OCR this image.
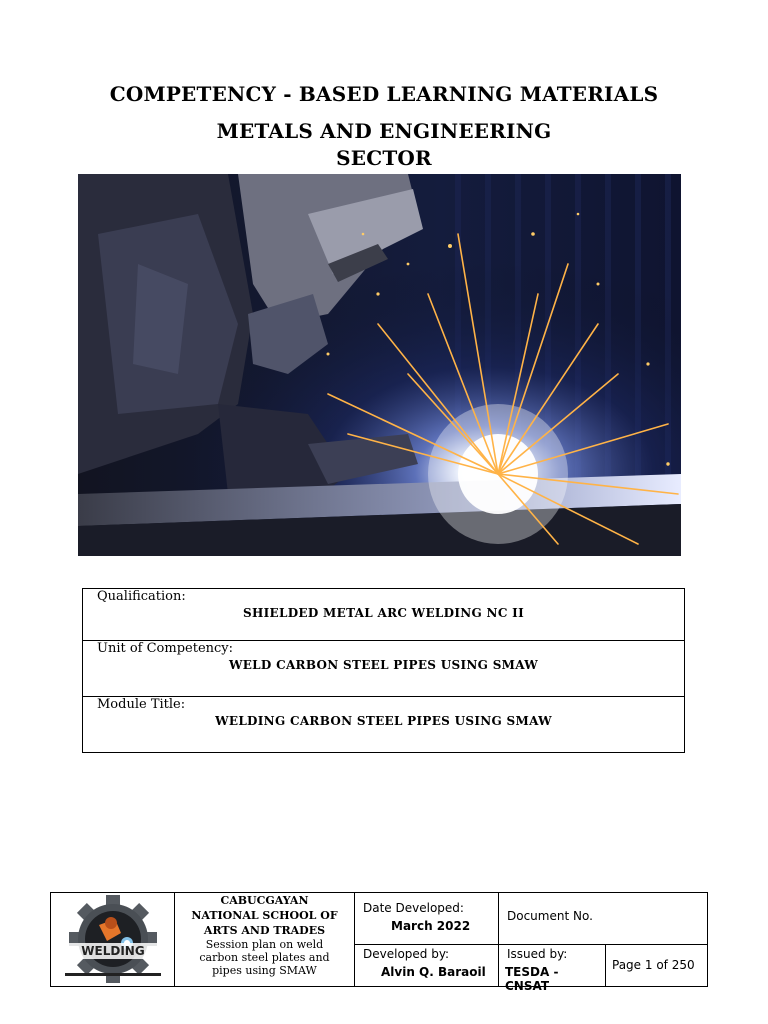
COMPETENCY - BASED LEARNING MATERIALS
METALS AND ENGINEERING
SECTOR
Qualification:
SHIELDED METAL ARC WELDING NC II
Unit of Competency:
WELD CARBON STEEL PIPES USING SMAW
Module Title:
WELDING CARBON STEEL PIPES USING SMAW
WELDING
CABUCGAYAN
NATIONAL SCHOOL OF
ARTS AND TRADES
Session plan on weld
carbon steel plates and
pipes using SMAW
Date Developed:
March 2022
Document No.
Developed by:
Alvin Q. Baraoil
Issued by:
TESDA - CNSAT
Page 1 of 250
